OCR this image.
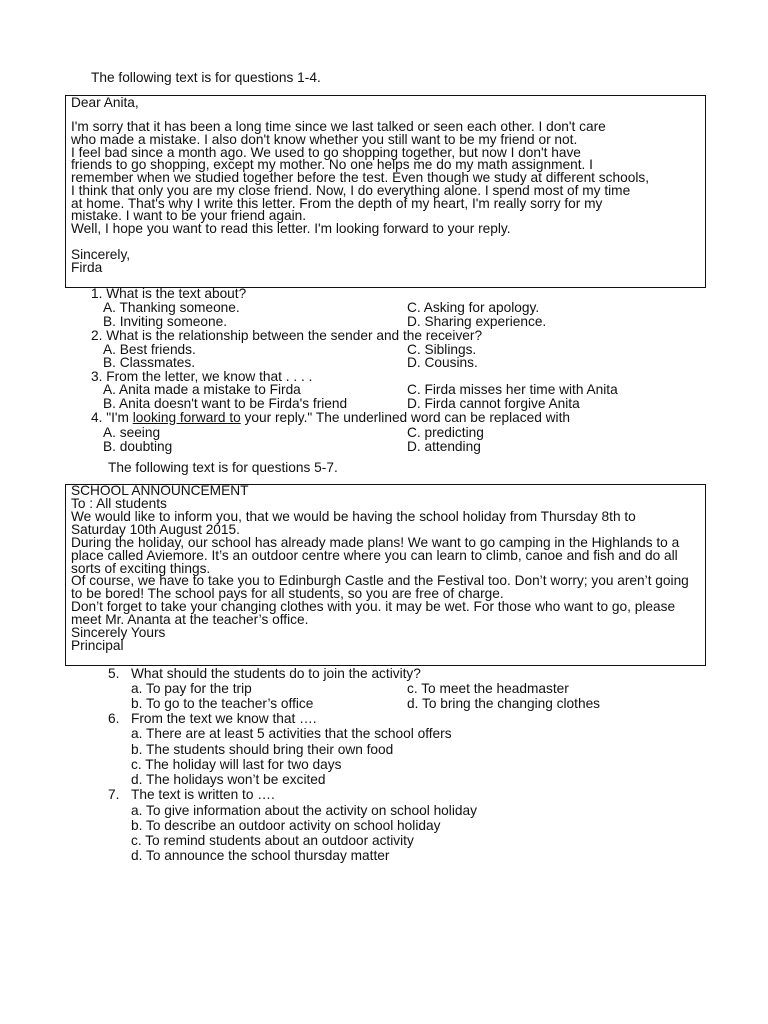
The following text is for questions 1-4.
Dear Anita,
I'm sorry that it has been a long time since we last talked or seen each other. I don't care
who made a mistake. I also don't know whether you still want to be my friend or not.
I feel bad since a month ago. We used to go shopping together, but now I don't have
friends to go shopping, except my mother. No one helps me do my math assignment. I
remember when we studied together before the test. Even though we study at different schools,
I think that only you are my close friend. Now, I do everything alone. I spend most of my time
at home. That's why I write this letter. From the depth of my heart, I'm really sorry for my
mistake. I want to be your friend again.
Well, I hope you want to read this letter. I'm looking forward to your reply.
Sincerely,
Firda
1. What is the text about?
A. Thanking someone.	C. Asking for apology.
B. Inviting someone.	D. Sharing experience.
2. What is the relationship between the sender and the receiver?
A. Best friends.	C. Siblings.
B. Classmates.	D. Cousins.
3. From the letter, we know that . . . .
A. Anita made a mistake to Firda	C. Firda misses her time with Anita
B. Anita doesn't want to be Firda's friend	D. Firda cannot forgive Anita
4. "I'm looking forward to your reply." The underlined word can be replaced with
A. seeing	C. predicting
B. doubting	D. attending
The following text is for questions 5-7.
SCHOOL ANNOUNCEMENT
To : All students
We would like to inform you, that we would be having the school holiday from Thursday 8th to
Saturday 10th August 2015.
During the holiday, our school has already made plans! We want to go camping in the Highlands to a
place called Aviemore. It’s an outdoor centre where you can learn to climb, canoe and fish and do all
sorts of exciting things.
Of course, we have to take you to Edinburgh Castle and the Festival too. Don’t worry; you aren’t going
to be bored! The school pays for all students, so you are free of charge.
Don’t forget to take your changing clothes with you. it may be wet. For those who want to go, please
meet Mr. Ananta at the teacher’s office.
Sincerely Yours
Principal
5. What should the students do to join the activity?
a. To pay for the trip	c. To meet the headmaster
b. To go to the teacher’s office	d. To bring the changing clothes
6. From the text we know that ….
a. There are at least 5 activities that the school offers
b. The students should bring their own food
c. The holiday will last for two days
d. The holidays won’t be excited
7. The text is written to ….
a. To give information about the activity on school holiday
b. To describe an outdoor activity on school holiday
c. To remind students about an outdoor activity
d. To announce the school thursday matter
